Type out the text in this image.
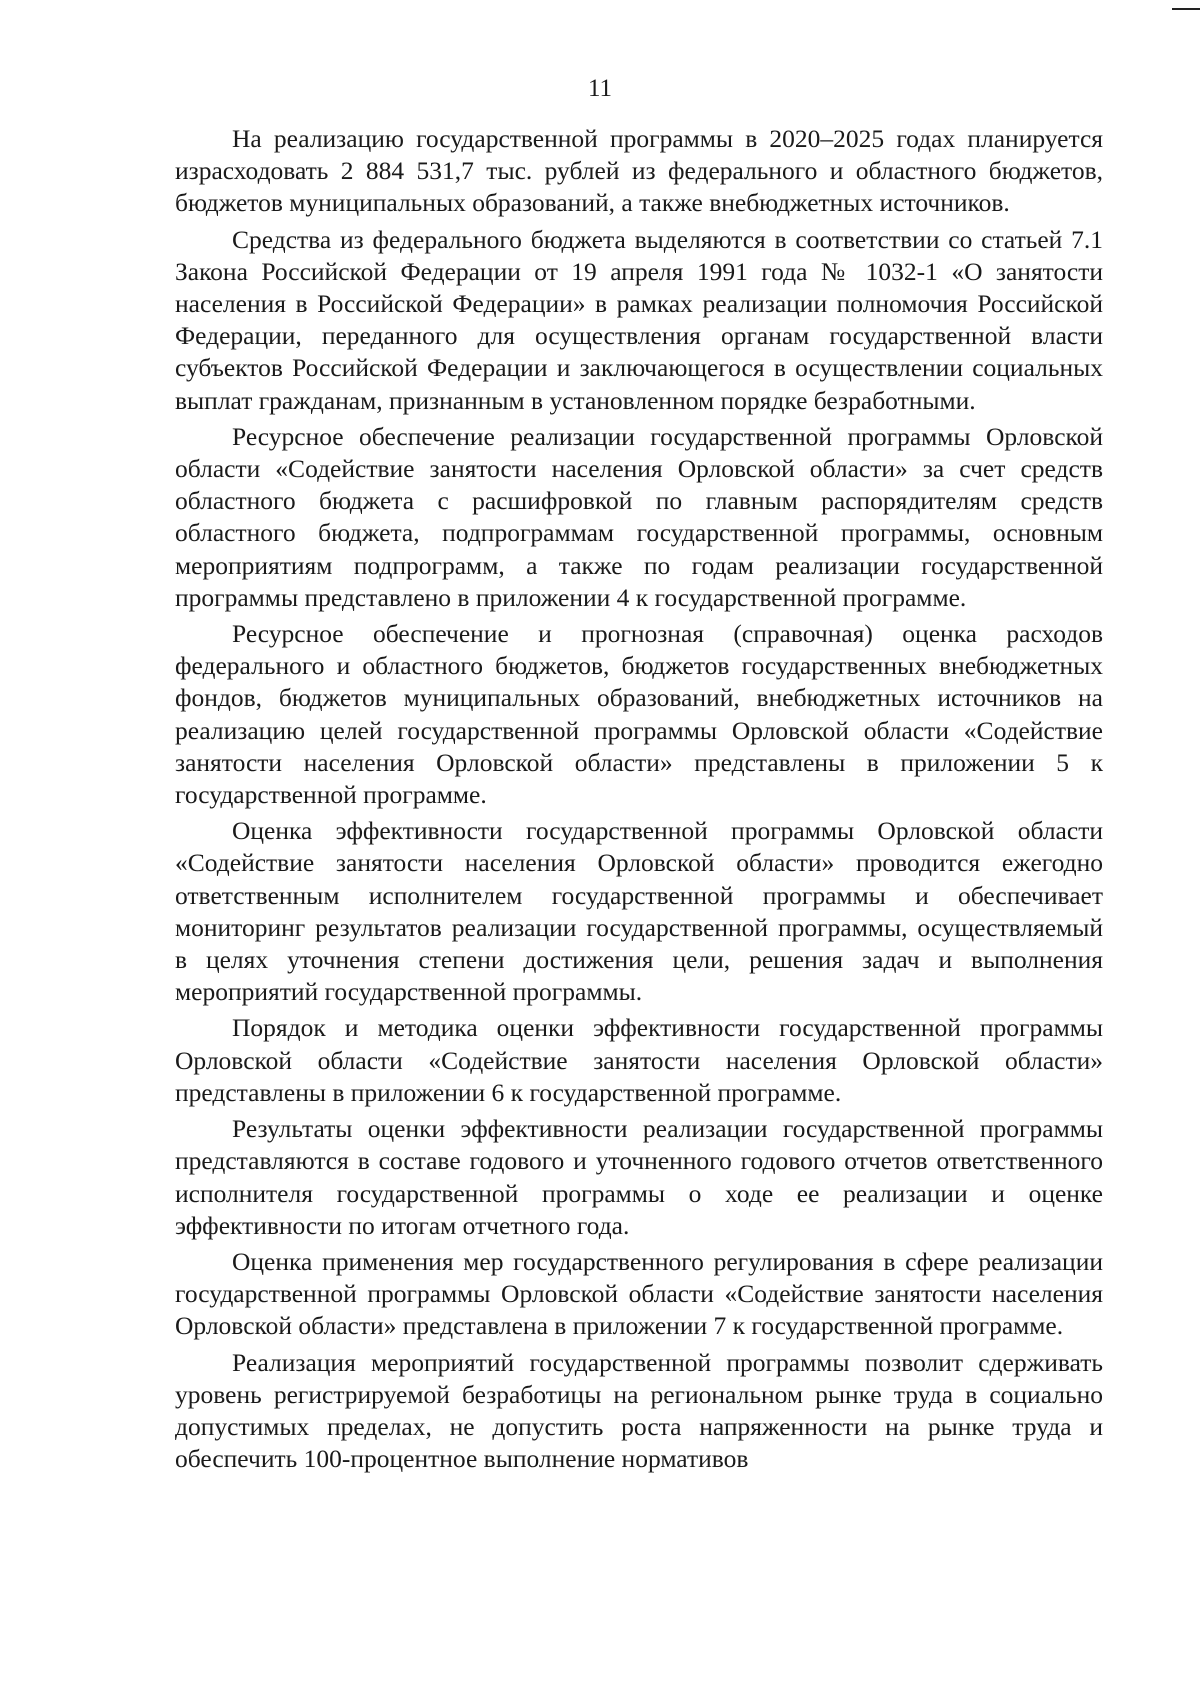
11

На реализацию государственной программы в 2020–2025 годах планируется израсходовать 2 884 531,7 тыс. рублей из федерального и областного бюджетов, бюджетов муниципальных образований, а также внебюджетных источников.

Средства из федерального бюджета выделяются в соответствии со статьей 7.1 Закона Российской Федерации от 19 апреля 1991 года № 1032-1 «О занятости населения в Российской Федерации» в рамках реализации полномочия Российской Федерации, переданного для осуществления органам государственной власти субъектов Российской Федерации и заключающегося в осуществлении социальных выплат гражданам, признанным в установленном порядке безработными.

Ресурсное обеспечение реализации государственной программы Орловской области «Содействие занятости населения Орловской области» за счет средств областного бюджета с расшифровкой по главным распорядителям средств областного бюджета, подпрограммам государственной программы, основным мероприятиям подпрограмм, а также по годам реализации государственной программы представлено в приложении 4 к государственной программе.

Ресурсное обеспечение и прогнозная (справочная) оценка расходов федерального и областного бюджетов, бюджетов государственных внебюджетных фондов, бюджетов муниципальных образований, внебюджетных источников на реализацию целей государственной программы Орловской области «Содействие занятости населения Орловской области» представлены в приложении 5 к государственной программе.

Оценка эффективности государственной программы Орловской области «Содействие занятости населения Орловской области» проводится ежегодно ответственным исполнителем государственной программы и обеспечивает мониторинг результатов реализации государственной программы, осуществляемый в целях уточнения степени достижения цели, решения задач и выполнения мероприятий государственной программы.

Порядок и методика оценки эффективности государственной программы Орловской области «Содействие занятости населения Орловской области» представлены в приложении 6 к государственной программе.

Результаты оценки эффективности реализации государственной программы представляются в составе годового и уточненного годового отчетов ответственного исполнителя государственной программы о ходе ее реализации и оценке эффективности по итогам отчетного года.

Оценка применения мер государственного регулирования в сфере реализации государственной программы Орловской области «Содействие занятости населения Орловской области» представлена в приложении 7 к государственной программе.

Реализация мероприятий государственной программы позволит сдерживать уровень регистрируемой безработицы на региональном рынке труда в социально допустимых пределах, не допустить роста напряженности на рынке труда и обеспечить 100-процентное выполнение нормативов
